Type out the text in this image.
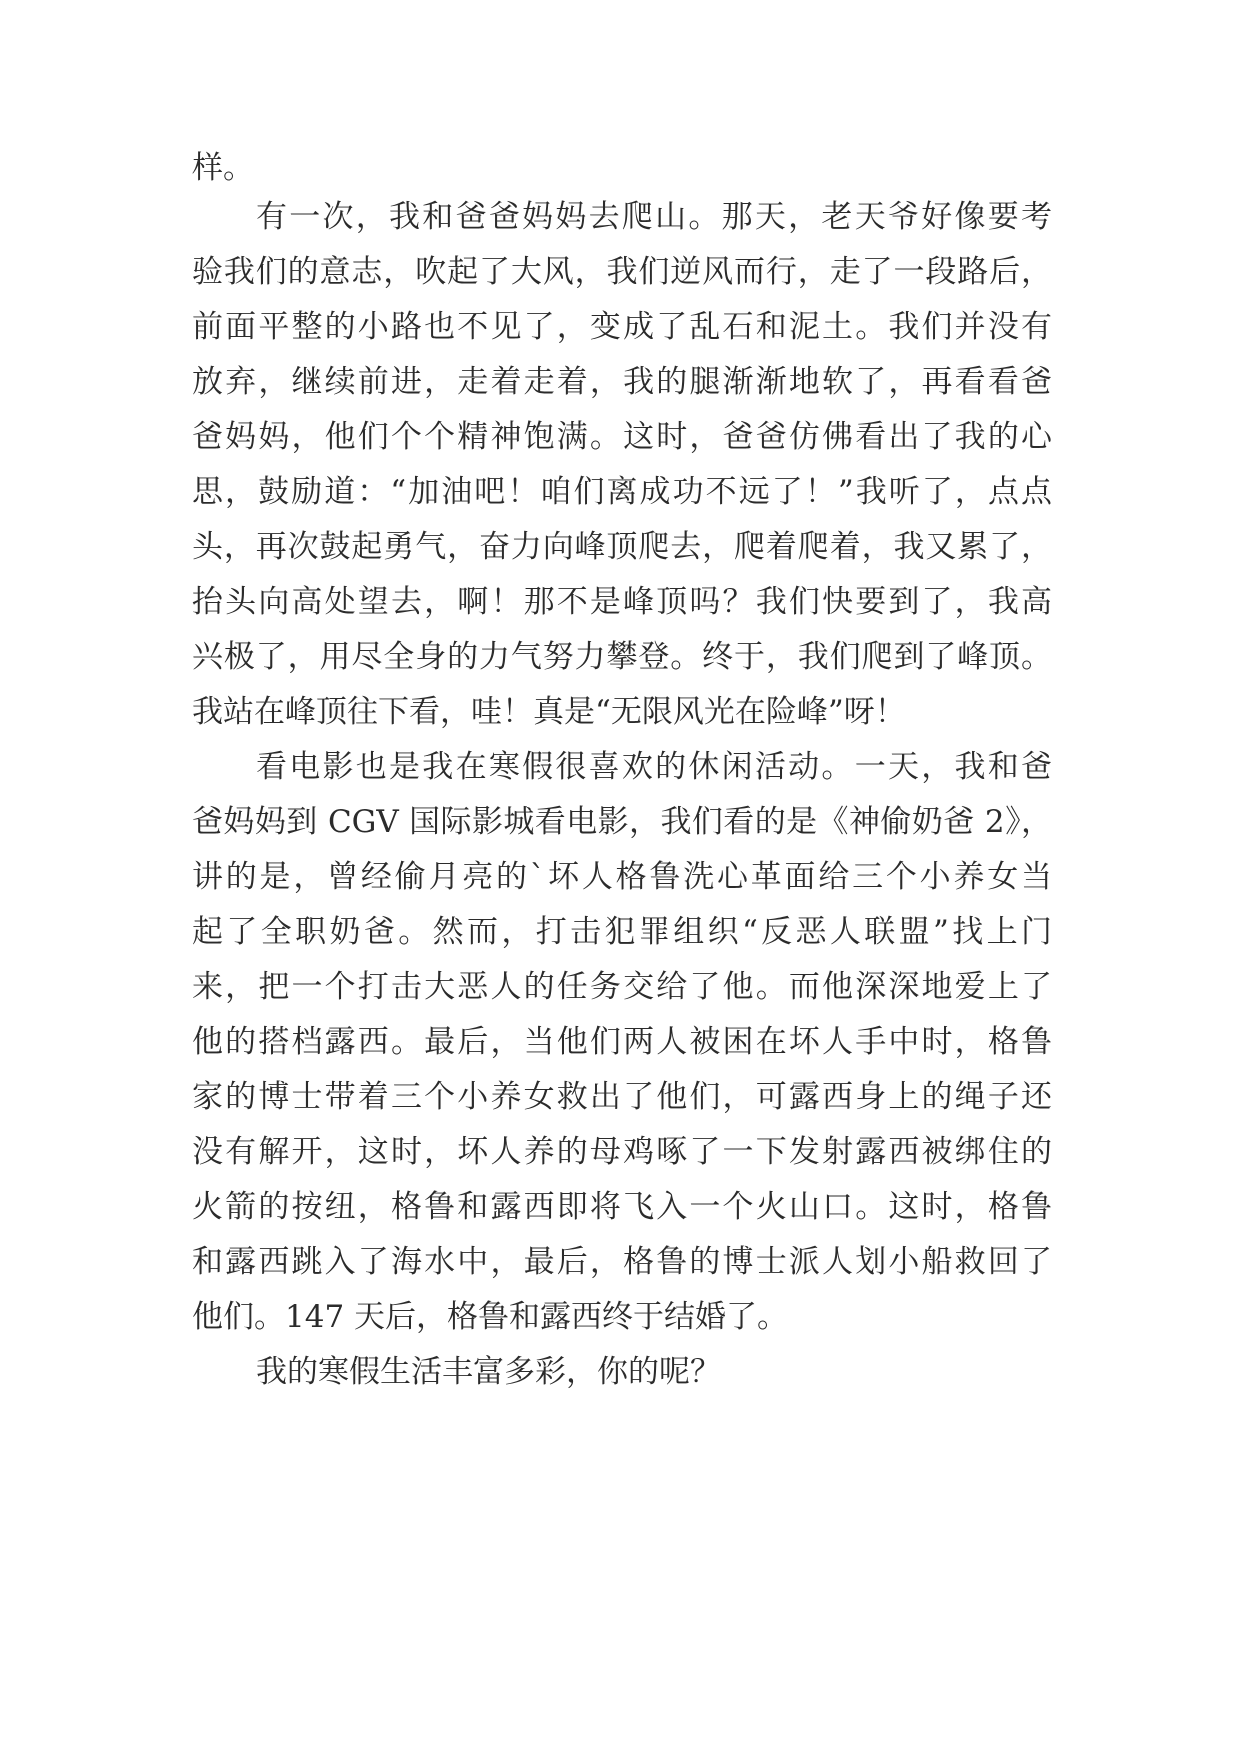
样。

有一次，我和爸爸妈妈去爬山。那天，老天爷好像要考

验我们的意志，吹起了大风，我们逆风而行，走了一段路后，

前面平整的小路也不见了，变成了乱石和泥土。我们并没有

放弃，继续前进，走着走着，我的腿渐渐地软了，再看看爸

爸妈妈，他们个个精神饱满。这时，爸爸仿佛看出了我的心

思，鼓励道：“加油吧！咱们离成功不远了！”我听了，点点

头，再次鼓起勇气，奋力向峰顶爬去，爬着爬着，我又累了，

抬头向高处望去，啊！那不是峰顶吗？我们快要到了，我高

兴极了，用尽全身的力气努力攀登。终于，我们爬到了峰顶。

我站在峰顶往下看，哇！真是“无限风光在险峰”呀！

看电影也是我在寒假很喜欢的休闲活动。一天，我和爸

爸妈妈到 CGV 国际影城看电影，我们看的是《神偷奶爸 2》，

讲的是，曾经偷月亮的`坏人格鲁洗心革面给三个小养女当

起了全职奶爸。然而，打击犯罪组织“反恶人联盟”找上门

来，把一个打击大恶人的任务交给了他。而他深深地爱上了

他的搭档露西。最后，当他们两人被困在坏人手中时，格鲁

家的博士带着三个小养女救出了他们，可露西身上的绳子还

没有解开，这时，坏人养的母鸡啄了一下发射露西被绑住的

火箭的按纽，格鲁和露西即将飞入一个火山口。这时，格鲁

和露西跳入了海水中，最后，格鲁的博士派人划小船救回了

他们。147 天后，格鲁和露西终于结婚了。

我的寒假生活丰富多彩，你的呢？
